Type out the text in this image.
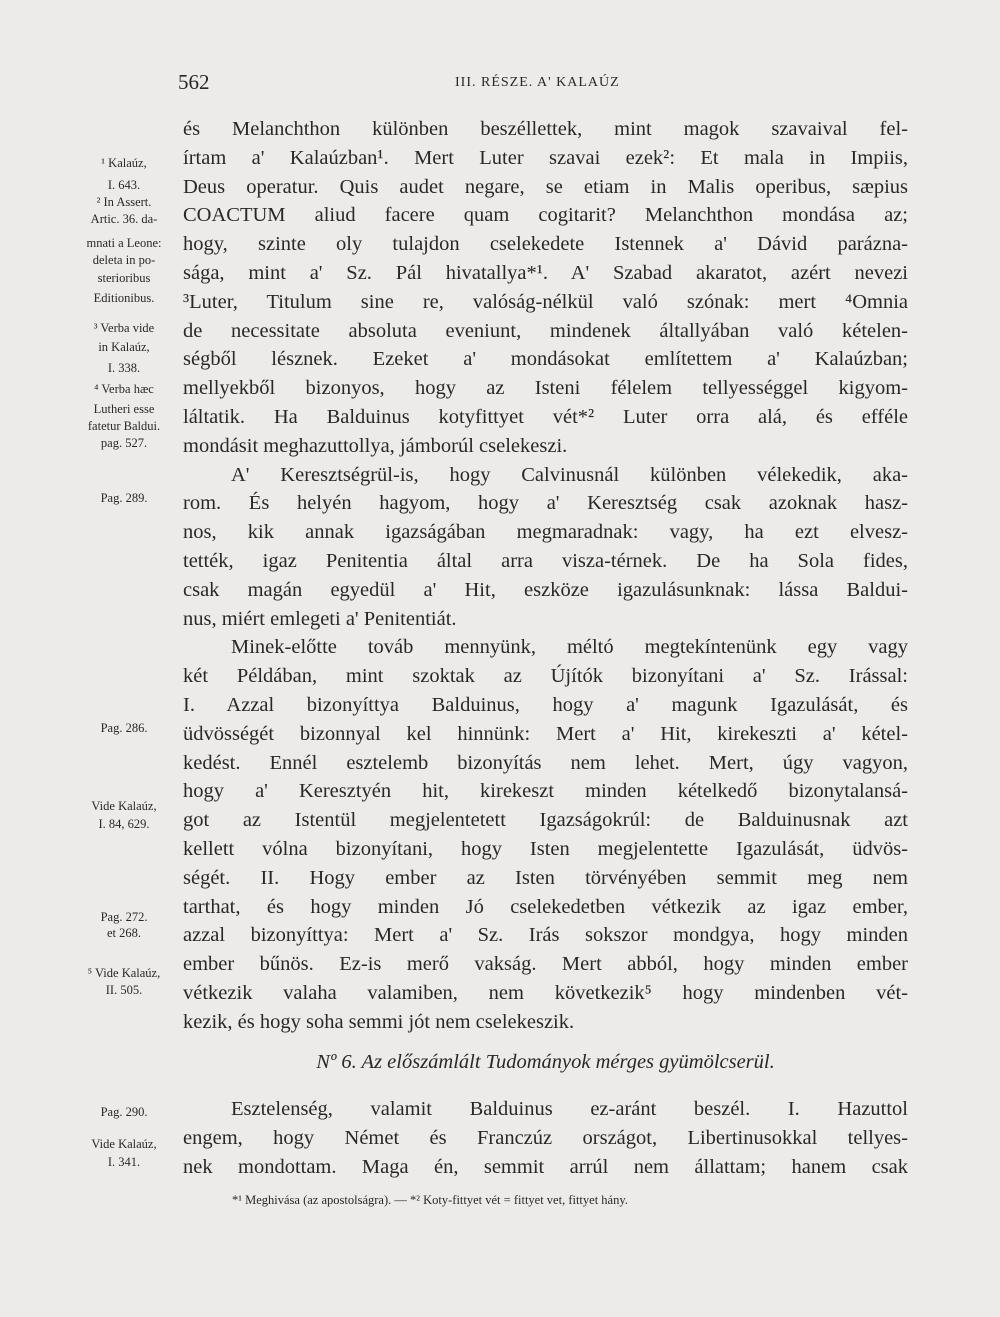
562	III. RÉSZE. A' KALAÚZ
és Melanchthon különben beszéllettek, mint magok szavaival fel-
írtam a' Kalaúzban¹. Mert Luter szavai ezek²: Et mala in Impiis,
Deus operatur. Quis audet negare, se etiam in Malis operibus, sæpius
COACTUM aliud facere quam cogitarit? Melanchthon mondása az;
hogy, szinte oly tulajdon cselekedete Istennek a' Dávid parázna-
sága, mint a' Sz. Pál hivatallya*¹. A' Szabad akaratot, azért nevezi
³Luter, Titulum sine re, valóság-nélkül való szónak: mert ⁴Omnia
de necessitate absoluta eveniunt, mindenek általlyában való kételen-
ségből lésznek. Ezeket a' mondásokat említettem a' Kalaúzban;
mellyekből bizonyos, hogy az Isteni félelem tellyességgel kigyom-
láltatik. Ha Balduinus kotyfittyet vét*² Luter orra alá, és efféle
mondásit meghazuttollya, jámborúl cselekeszi.
A' Keresztségrül-is, hogy Calvinusnál különben vélekedik, aka-
rom. És helyén hagyom, hogy a' Keresztség csak azoknak hasz-
nos, kik annak igazságában megmaradnak: vagy, ha ezt elvesz-
tették, igaz Penitentia által arra visza-térnek. De ha Sola fides,
csak magán egyedül a' Hit, eszköze igazulásunknak: lássa Baldui-
nus, miért emlegeti a' Penitentiát.
Minek-előtte továb mennyünk, méltó megtekíntenünk egy vagy
két Példában, mint szoktak az Újítók bizonyítani a' Sz. Irással:
I. Azzal bizonyíttya Balduinus, hogy a' magunk Igazulását, és
üdvösségét bizonnyal kel hinnünk: Mert a' Hit, kirekeszti a' kétel-
kedést. Ennél esztelemb bizonyítás nem lehet. Mert, úgy vagyon,
hogy a' Keresztyén hit, kirekeszt minden kételkedő bizonytalansá-
got az Istentül megjelentetett Igazságokrúl: de Balduinusnak azt
kellett vólna bizonyítani, hogy Isten megjelentette Igazulását, üdvös-
ségét. II. Hogy ember az Isten törvényében semmit meg nem
tarthat, és hogy minden Jó cselekedetben vétkezik az igaz ember,
azzal bizonyíttya: Mert a' Sz. Irás sokszor mondgya, hogy minden
ember bűnös. Ez-is merő vakság. Mert abból, hogy minden ember
vétkezik valaha valamiben, nem következik⁵ hogy mindenben vét-
kezik, és hogy soha semmi jót nem cselekeszik.
Nº 6. Az előszámlált Tudományok mérges gyümölcserül.
Esztelenség, valamit Balduinus ez-aránt beszél. I. Hazuttol
engem, hogy Német és Franczúz országot, Libertinusokkal tellyes-
nek mondottam. Maga én, semmit arrúl nem állattam; hanem csak
¹ Kalaúz,
I. 643.
² In Assert.
Artic. 36. da-
mnati a Leone:
deleta in po-
sterioribus
Editionibus.
³ Verba vide
in Kalaúz,
I. 338.
⁴ Verba hæc
Lutheri esse
fatetur Baldui.
pag. 527.
Pag. 289.
Pag. 286.
Vide Kalaúz,
I. 84, 629.
Pag. 272.
et 268.
⁵ Vide Kalaúz,
II. 505.
Pag. 290.
Vide Kalaúz,
I. 341.
*¹ Meghivása (az apostolságra). — *² Koty-fittyet vét = fittyet vet, fittyet hány.
